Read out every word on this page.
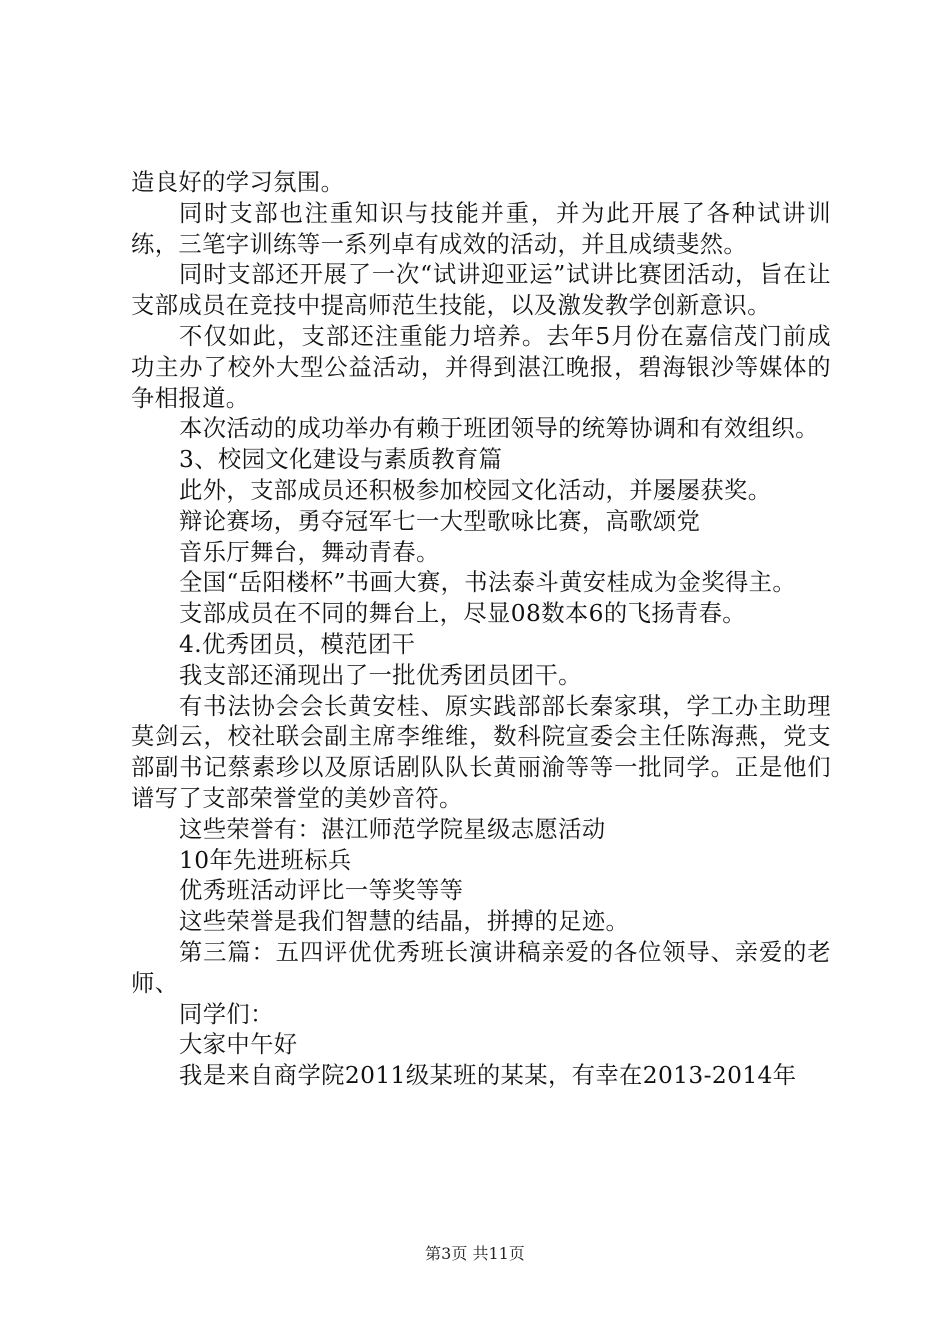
造良好的学习氛围。

同时支部也注重知识与技能并重，并为此开展了各种试讲训练，三笔字训练等一系列卓有成效的活动，并且成绩斐然。

同时支部还开展了一次“试讲迎亚运”试讲比赛团活动，旨在让支部成员在竞技中提高师范生技能，以及激发教学创新意识。

不仅如此，支部还注重能力培养。去年5月份在嘉信茂门前成功主办了校外大型公益活动，并得到湛江晚报，碧海银沙等媒体的争相报道。

本次活动的成功举办有赖于班团领导的统筹协调和有效组织。

3、校园文化建设与素质教育篇

此外，支部成员还积极参加校园文化活动，并屡屡获奖。

辩论赛场，勇夺冠军七一大型歌咏比赛，高歌颂党

音乐厅舞台，舞动青春。

全国“岳阳楼杯”书画大赛，书法泰斗黄安桂成为金奖得主。

支部成员在不同的舞台上，尽显08数本6的飞扬青春。

4.优秀团员，模范团干

我支部还涌现出了一批优秀团员团干。

有书法协会会长黄安桂、原实践部部长秦家琪，学工办主助理莫剑云，校社联会副主席李维维，数科院宣委会主任陈海燕，党支部副书记蔡素珍以及原话剧队队长黄丽渝等等一批同学。正是他们谱写了支部荣誉堂的美妙音符。

这些荣誉有：湛江师范学院星级志愿活动

10年先进班标兵

优秀班活动评比一等奖等等

这些荣誉是我们智慧的结晶，拼搏的足迹。

第三篇：五四评优优秀班长演讲稿亲爱的各位领导、亲爱的老师、

同学们：

大家中午好

我是来自商学院2011级某班的某某，有幸在2013-2014年

第3页 共11页
